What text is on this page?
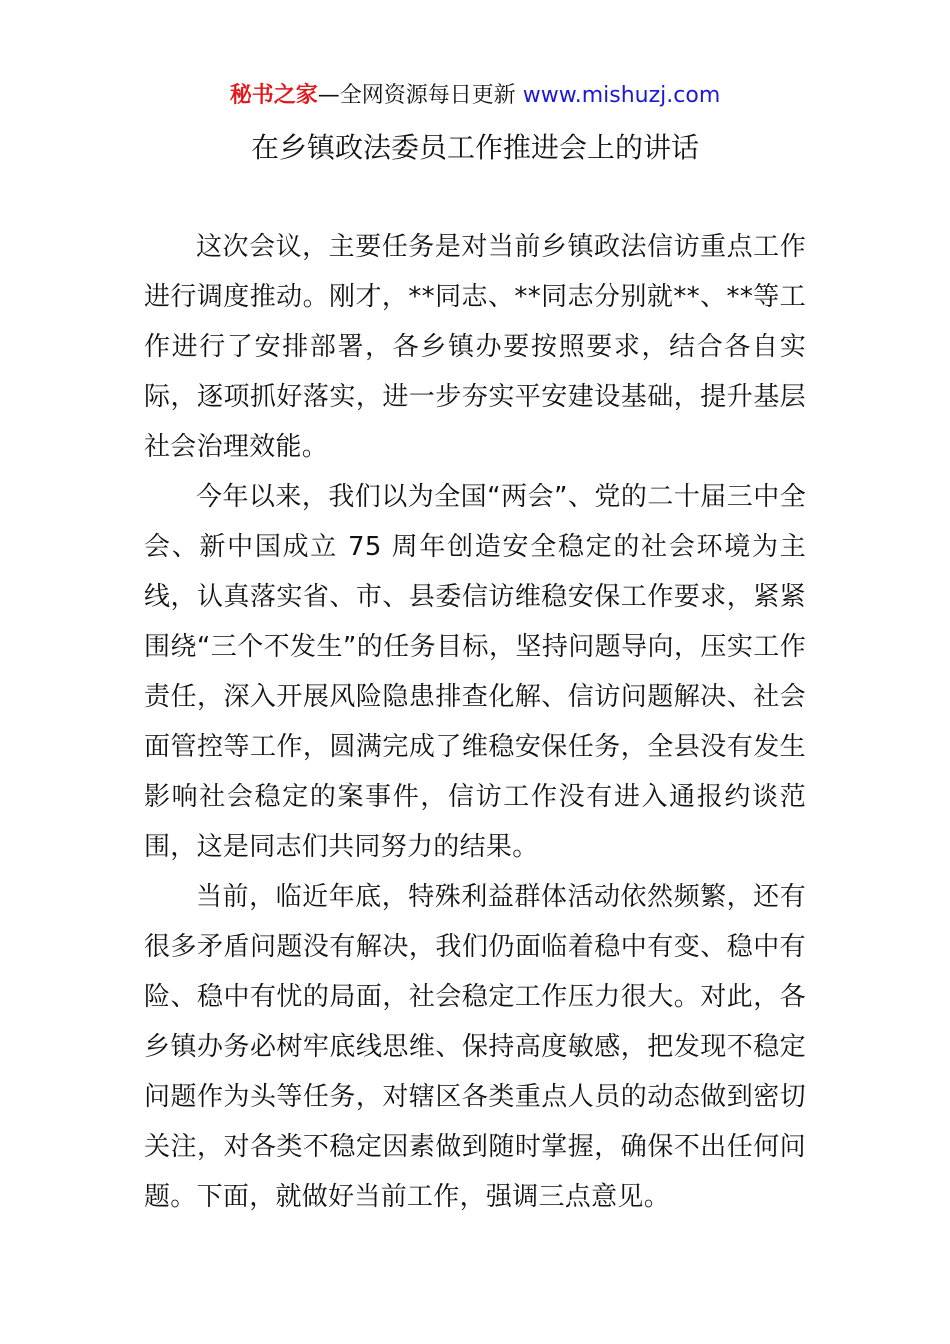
秘书之家—全网资源每日更新 www.mishuzj.com
在乡镇政法委员工作推进会上的讲话

这次会议，主要任务是对当前乡镇政法信访重点工作进行调度推动。刚才，**同志、**同志分别就**、**等工作进行了安排部署，各乡镇办要按照要求，结合各自实际，逐项抓好落实，进一步夯实平安建设基础，提升基层社会治理效能。

今年以来，我们以为全国“两会”、党的二十届三中全会、新中国成立 75 周年创造安全稳定的社会环境为主线，认真落实省、市、县委信访维稳安保工作要求，紧紧围绕“三个不发生”的任务目标，坚持问题导向，压实工作责任，深入开展风险隐患排查化解、信访问题解决、社会面管控等工作，圆满完成了维稳安保任务，全县没有发生影响社会稳定的案事件，信访工作没有进入通报约谈范围，这是同志们共同努力的结果。

当前，临近年底，特殊利益群体活动依然频繁，还有很多矛盾问题没有解决，我们仍面临着稳中有变、稳中有险、稳中有忧的局面，社会稳定工作压力很大。对此，各乡镇办务必树牢底线思维、保持高度敏感，把发现不稳定问题作为头等任务，对辖区各类重点人员的动态做到密切关注，对各类不稳定因素做到随时掌握，确保不出任何问题。下面，就做好当前工作，强调三点意见。
